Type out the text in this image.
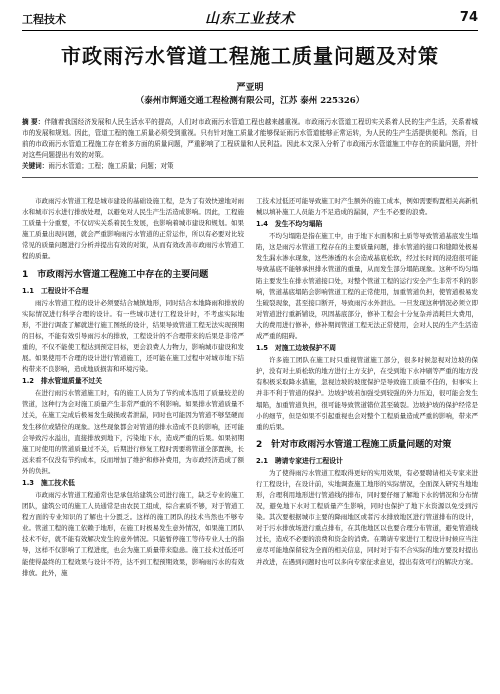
工程技术	山东工业技术	74
市政雨污水管道工程施工质量问题及对策
严亚明
（泰州市辉通交通工程检测有限公司，江苏 泰州 225326）
摘 要：伴随着我国经济发展和人民生活水平的提高，人们对市政雨污水管道工程也越来越重视。市政雨污水管道工程切实关系着人民的生产生活，关系着城市的发展和规划。因此，管道工程的施工质量必须受到重视。只有针对施工质量才能够保证雨污水管道能够正常运转，为人民的生产生活提供便利。然而，目前的市政雨污水管道工程施工存在着多方面的质量问题，严重影响了工程质量和人民利益。因此本文深入分析了市政雨污水管道施工中存在的质量问题，并针对这些问题提出有效的对策。
关键词：雨污水管道；工程；施工质量；问题；对策

市政雨污水管道工程是城市建设的基础设施工程，是为了有效快速地对雨水和城市污水进行排放处理，以避免对人民生产生活造成影响。因此，工程施工质量十分重要，不仅切实关系着民生发展，也影响着城市建设和规划。如果施工质量出现问题，就会严重影响雨污水管道的正常运作，所以有必要对比较常见的质量问题进行分析并提出有效的对策，从而有效改善市政雨污水管道工程的质量。

1　市政雨污水管道工程施工中存在的主要问题
1.1　工程设计不合理

雨污水管道工程的设计必须要结合城镇地形，同时结合本地降雨和排放的实际情况进行科学合理的设计。有一些城市进行工程设计时，不考虑实际地形，不进行调查了解就进行施工图纸的设计，结果导致管道工程无法实现预期的目标，不能有效引导雨污水的排放，工程设计的不合理带来的后果是非常严重的，不仅不能使工程达到预定目标，更会浪费人力物力，影响城市建设和发展。如果使用不合理的设计进行管道施工，还可能在施工过程中对城市地下结构带来不良影响，造成地质损害和环境污染。

1.2　排水管道质量不过关

在进行雨污水管道施工时，有的施工人员为了节约成本选用了质量较差的管道，这种行为会对施工质量产生非常严重的不利影响。如果排水管道质量不过关，在施工完成后极易发生破损或者泄漏，同时也可能因为管道不够坚硬而发生移位或错位的现象。这些现象都会对管道的排水造成不良的影响，还可能会导致污水溢出，直接排放到地下，污染地下水，造成严重的后果。如果初期施工时使用的管道质量过不关，后期进行修复工程时需要将管道全部置换，长远来看不仅没有节约成本，反而增加了维护和修补费用，为市政经济造成了额外的负担。

1.3　施工技术低

市政雨污水管道工程通常也是承包给建筑公司进行施工，缺乏专业的施工团队，建筑公司的施工人员通常是由农民工组成，综合素质不够，对于管道工程方面的专业知识的了解也十分匮乏。这样的施工团队的技术当然也不够专业。管道工程的施工依赖于地形，在施工时极易发生意外情况，如果施工团队技术不好，就不能有效解决发生的意外情况。只能暂停施工等待专业人士的指导，这样不仅影响了工程进度，也会为施工质量带来隐患。施工技术过低还可能使得最终的工程效果与设计不符，达不到工程预期效果，影响雨污水的有效排放。此外，施

工技术过低还可能导致施工时产生额外的施工成本，例如需要购置相关高新机械以填补施工人员能力不足造成的漏洞，产生不必要的浪费。

1.4　发生不均匀塌陷

不均匀塌陷是指在施工中，由于地下水面积和土质等导致管道基底发生塌陷，这是雨污水管道工程存在的主要质量问题，排水管道的接口和缝隙处极易发生漏水渗水现象，这些渗透的水会造成基底松软，经过长时间的浸泡很可能导致基底不能够承担排水管道的重量，从而发生部分塌陷现象。这种不均匀塌陷主要发生在排水管道接口处，对整个管道工程的运行安全产生非常不利的影响，管道基底塌陷会影响管道工程的正常使用，加重管道负担，使管道极易发生破裂现象，甚至接口断开，导致雨污水外泄出。一旦发现这种情况必须立即对管道进行重新铺设，巩固基底部分，修补工程会十分复杂并消耗巨大费用，大的费用进行修补，修补期间管道工程无法正常使用，会对人民的生产生活造成严重的阻碍。

1.5　对施工边坡保护不周

许多施工团队在施工时只重视管道施工部分，很多时候忽视对边坡的保护，没有对土质松软的地方进行土方支护，在受到地下水冲刷等严重的地方没有积极采取降水措施，忽视边坡的坡度保护是导致施工质量不佳的，但事实上并非不利于管道的保护。边坡护坡若加强受到较强的外力压迫，很可能会发生塌陷，加重管道负担，很可能导致管道错位甚至破裂。边坡护坡的保护经常是小的细节，但是如果不引起重视也会对整个工程质量造成严重的影响，带来严重的后果。

2　针对市政雨污水管道工程施工质量问题的对策
2.1　聘请专家进行工程设计

为了使得雨污水管道工程取得更好的实用效果，有必要聘请相关专家来进行工程设计，在设计前，实地调查施工地形的实际情况，全面深入研究当地地形，合理利用地形进行管道线的排布，同时要仔细了解地下水的情况和分布情况，避免地下水对工程质量产生影响，同时也保护了地下水资源以免受到污染。其次要根据城市主要的降雨地区或者污水排放地区进行管道排布的设计，对于污水排放场进行重点排布，在其他地区以也要合理分布管道，避免管道线过长，造成不必要的浪费和资金的消费。在聘请专家进行工程设计时候应当注意尽可能地保留较为全面的相关信息，同时对于有不合实际的地方要及时提出并改进，在遇到问题时也可以多向专家征求意见，提出有效可行的解决方案。
